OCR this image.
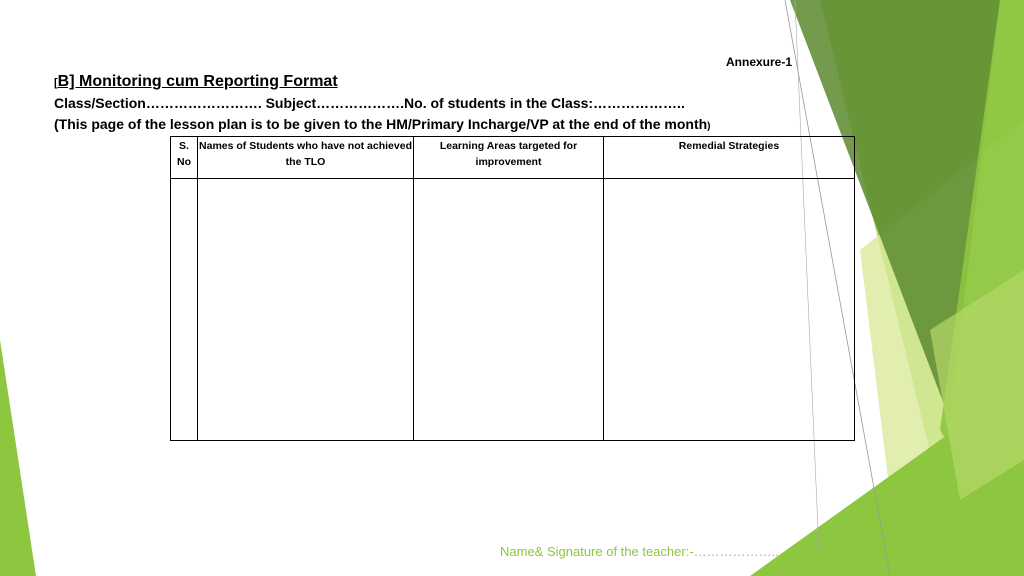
Annexure-1
[B] Monitoring cum Reporting Format
Class/Section……………………. Subject……………….No. of students in the Class:………………..
(This page of the lesson plan is to be given to the HM/Primary Incharge/VP at the end of the month)
S. No	Names of Students who have not achieved the TLO	Learning Areas targeted for improvement	Remedial Strategies

Name& Signature of the teacher:-………………..
